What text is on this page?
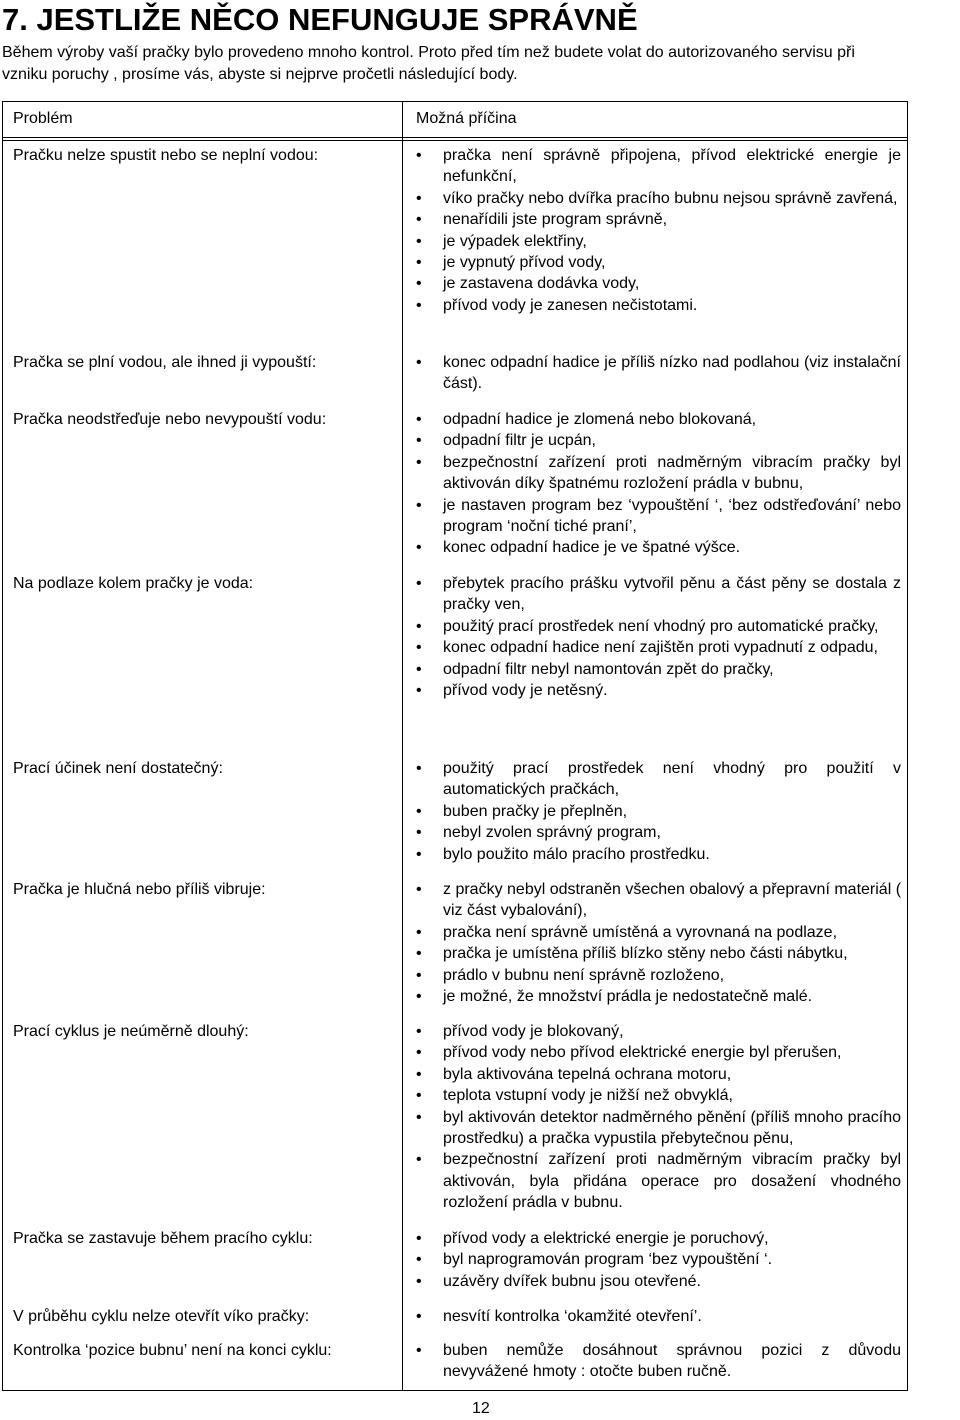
7. JESTLIŽE NĚCO NEFUNGUJE SPRÁVNĚ

Během výroby vaší pračky bylo provedeno mnoho kontrol. Proto před tím než budete volat do autorizovaného servisu při

vzniku poruchy , prosíme vás, abyste si nejprve pročetli následující body.

Problém	Možná příčina
Pračku nelze spustit nebo se neplní vodou:	• pračka není správně připojena, přívod elektrické energie je nefunkční,
• víko pračky nebo dvířka pracího bubnu nejsou správně zavřená,
• nenařídili jste program správně,
• je výpadek elektřiny,
• je vypnutý přívod vody,
• je zastavena dodávka vody,
• přívod vody je zanesen nečistotami.
Pračka se plní vodou, ale ihned ji vypouští:	• konec odpadní hadice je příliš nízko nad podlahou (viz instalační část).
Pračka neodstřeďuje nebo nevypouští vodu:	• odpadní hadice je zlomená nebo blokovaná,
• odpadní filtr je ucpán,
• bezpečnostní zařízení proti nadměrným vibracím pračky byl aktivován díky špatnému rozložení prádla v bubnu,
• je nastaven program bez ‘vypouštění ‘, ‘bez odstřeďování’ nebo program ‘noční tiché praní’,
• konec odpadní hadice je ve špatné výšce.
Na podlaze kolem pračky je voda:	• přebytek pracího prášku vytvořil pěnu a část pěny se dostala z pračky ven,
• použitý prací prostředek není vhodný pro automatické pračky,
• konec odpadní hadice není zajištěn proti vypadnutí z odpadu,
• odpadní filtr nebyl namontován zpět do pračky,
• přívod vody je netěsný.
Prací účinek není dostatečný:	• použitý prací prostředek není vhodný pro použití v automatických pračkách,
• buben pračky je přeplněn,
• nebyl zvolen správný program,
• bylo použito málo pracího prostředku.
Pračka je hlučná nebo příliš vibruje:	• z pračky nebyl odstraněn všechen obalový a přepravní materiál ( viz část vybalování),
• pračka není správně umístěná a vyrovnaná na podlaze,
• pračka je umístěna příliš blízko stěny nebo části nábytku,
• prádlo v bubnu není správně rozloženo,
• je možné, že množství prádla je nedostatečně malé.
Prací cyklus je neúměrně dlouhý:	• přívod vody je blokovaný,
• přívod vody nebo přívod elektrické energie byl přerušen,
• byla aktivována tepelná ochrana motoru,
• teplota vstupní vody je nižší než obvyklá,
• byl aktivován detektor nadměrného pěnění (příliš mnoho pracího prostředku) a pračka vypustila přebytečnou pěnu,
• bezpečnostní zařízení proti nadměrným vibracím pračky byl aktivován, byla přidána operace pro dosažení vhodného rozložení prádla v bubnu.
Pračka se zastavuje během pracího cyklu:	• přívod vody a elektrické energie je poruchový,
• byl naprogramován program ‘bez vypouštění ‘.
• uzávěry dvířek bubnu jsou otevřené.
V průběhu cyklu nelze otevřít víko pračky:	• nesvítí kontrolka ‘okamžité otevření’.
Kontrolka ‘pozice bubnu’ není na konci cyklu:	• buben nemůže dosáhnout správnou pozici z důvodu nevyvážené hmoty : otočte buben ručně.
12
